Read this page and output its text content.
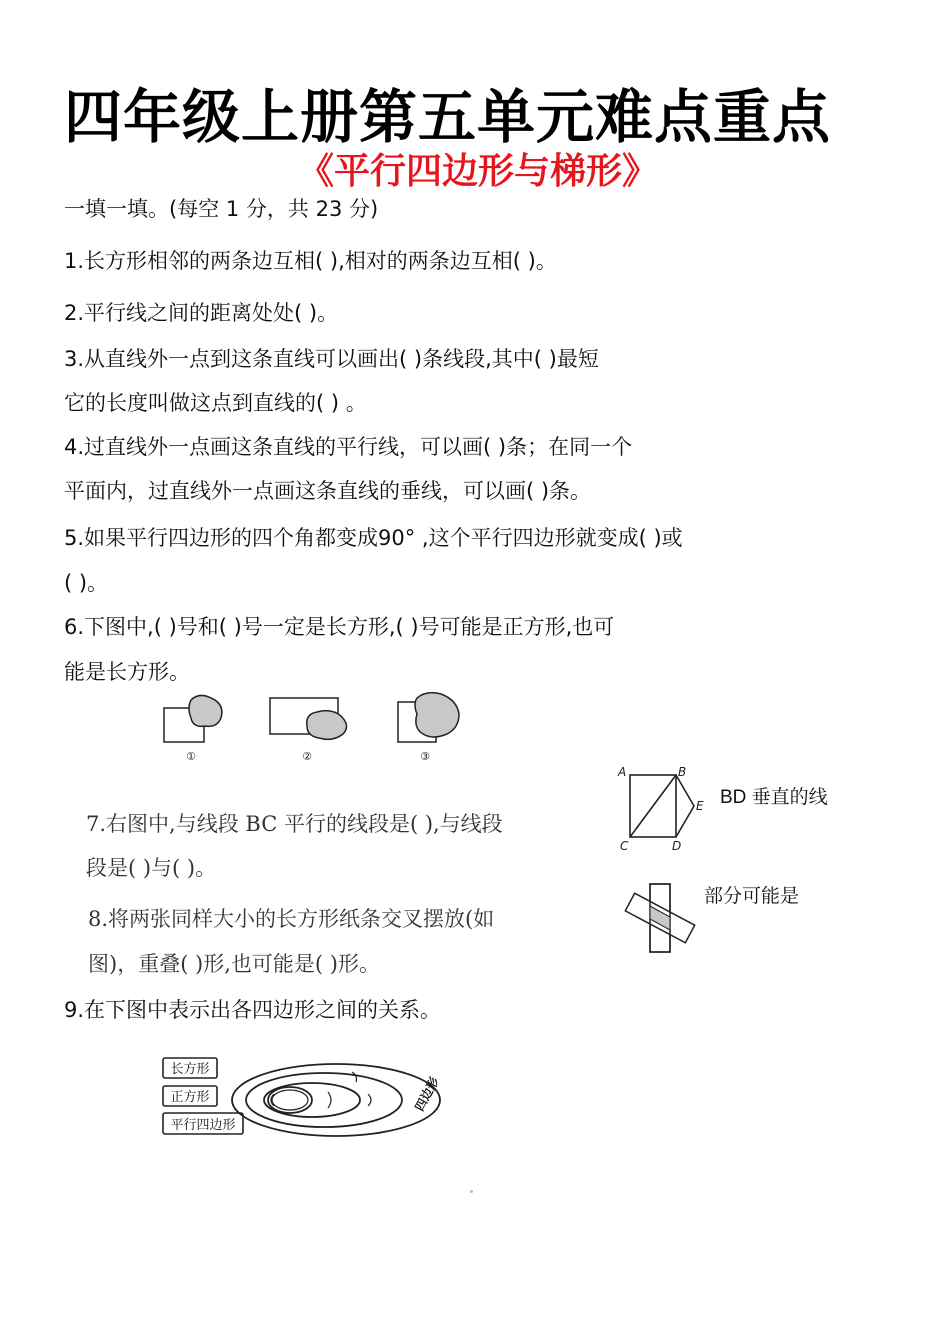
四年级上册第五单元难点重点
《平行四边形与梯形》
一填一填。(每空 1 分，共 23 分)
1.长方形相邻的两条边互相( ),相对的两条边互相( )。
2.平行线之间的距离处处( )。
3.从直线外一点到这条直线可以画出( )条线段,其中( )最短
它的长度叫做这点到直线的( ) 。
4.过直线外一点画这条直线的平行线，可以画( )条；在同一个
平面内，过直线外一点画这条直线的垂线，可以画( )条。
5.如果平行四边形的四个角都变成90° ,这个平行四边形就变成( )或
( )。
6.下图中,( )号和( )号一定是长方形,( )号可能是正方形,也可
能是长方形。
①	②	③
A	B
C	D
E BD 垂直的线
7.右图中,与线段 BC 平行的线段是( ),与线段
段是( )与( )。
部分可能是
8.将两张同样大小的长方形纸条交叉摆放(如
图)，重叠( )形,也可能是( )形。
9.在下图中表示出各四边形之间的关系。
长方形
正方形
平行四边形
四边形
